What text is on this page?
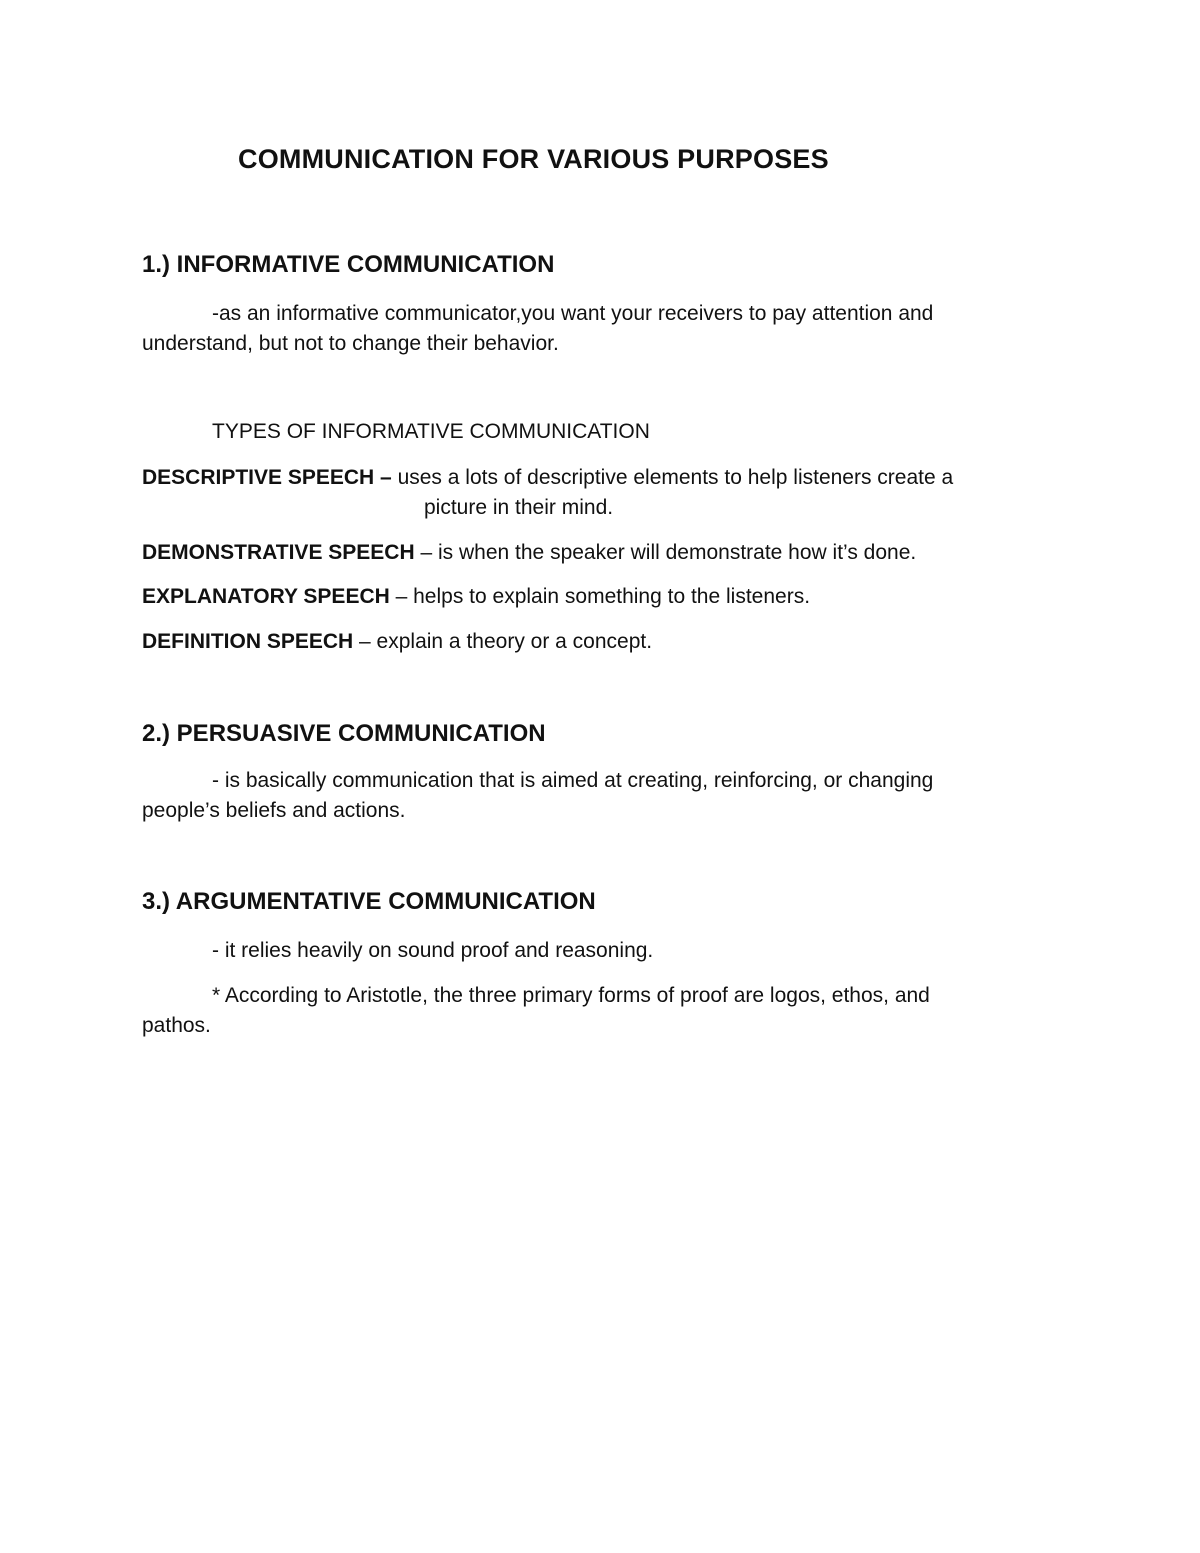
COMMUNICATION FOR VARIOUS PURPOSES
1.) INFORMATIVE COMMUNICATION
-as an informative communicator,you want your receivers to pay attention and
understand, but not to change their behavior.
TYPES OF INFORMATIVE COMMUNICATION
DESCRIPTIVE SPEECH – uses a lots of descriptive elements to help listeners create a
picture in their mind.
DEMONSTRATIVE SPEECH – is when the speaker will demonstrate how it’s done.
EXPLANATORY SPEECH – helps to explain something to the listeners.
DEFINITION SPEECH – explain a theory or a concept.
2.) PERSUASIVE COMMUNICATION
- is basically communication that is aimed at creating, reinforcing, or changing
people’s beliefs and actions.
3.) ARGUMENTATIVE COMMUNICATION
- it relies heavily on sound proof and reasoning.
* According to Aristotle, the three primary forms of proof are logos, ethos, and
pathos.
